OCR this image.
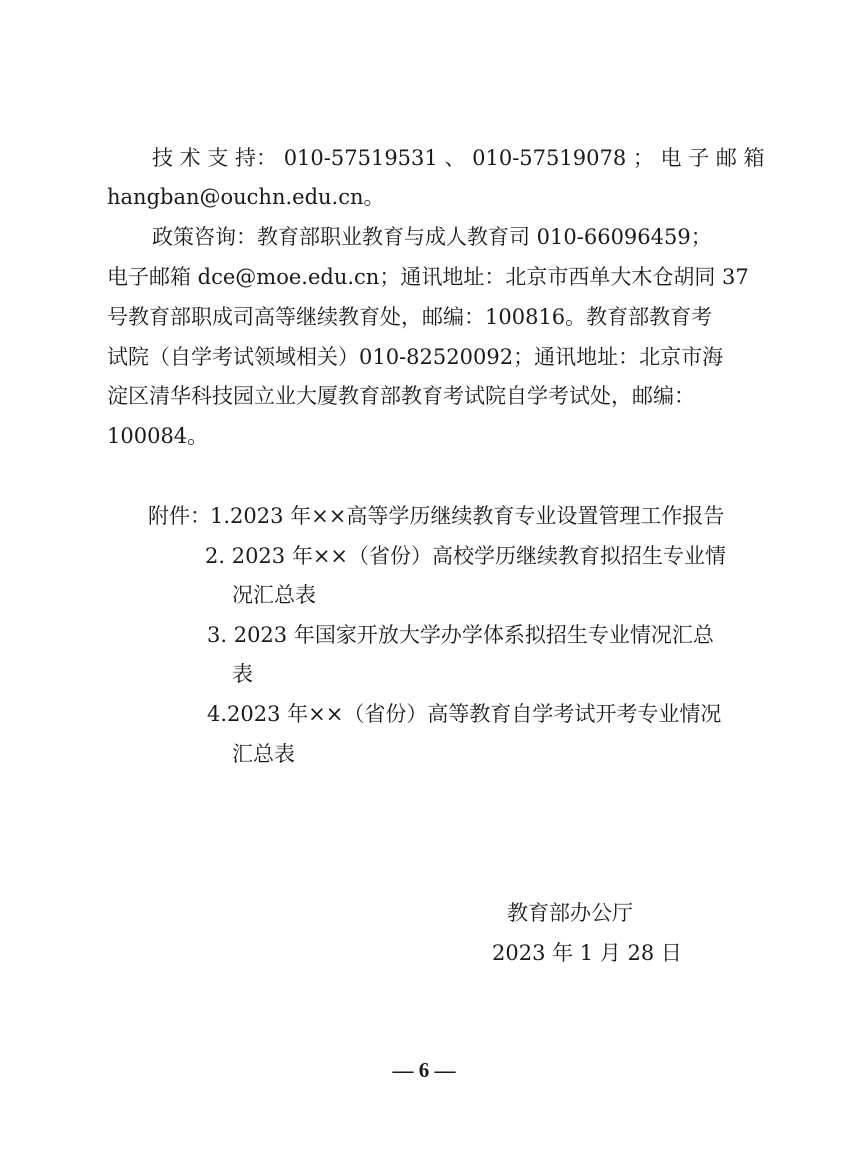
技 术 支 持： 010-57519531 、 010-57519078 ； 电 子 邮 箱
hangban@ouchn.edu.cn。
政策咨询：教育部职业教育与成人教育司 010-66096459；
电子邮箱 dce@moe.edu.cn；通讯地址：北京市西单大木仓胡同 37
号教育部职成司高等继续教育处，邮编：100816。教育部教育考
试院（自学考试领域相关）010-82520092；通讯地址：北京市海
淀区清华科技园立业大厦教育部教育考试院自学考试处，邮编：
100084。
附件： 1.2023 年××高等学历继续教育专业设置管理工作报告
2. 2023 年××（省份）高校学历继续教育拟招生专业情
况汇总表
3. 2023 年国家开放大学办学体系拟招生专业情况汇总
表
4.2023 年××（省份）高等教育自学考试开考专业情况
汇总表
教育部办公厅
2023 年 1 月 28 日
— 6 —
